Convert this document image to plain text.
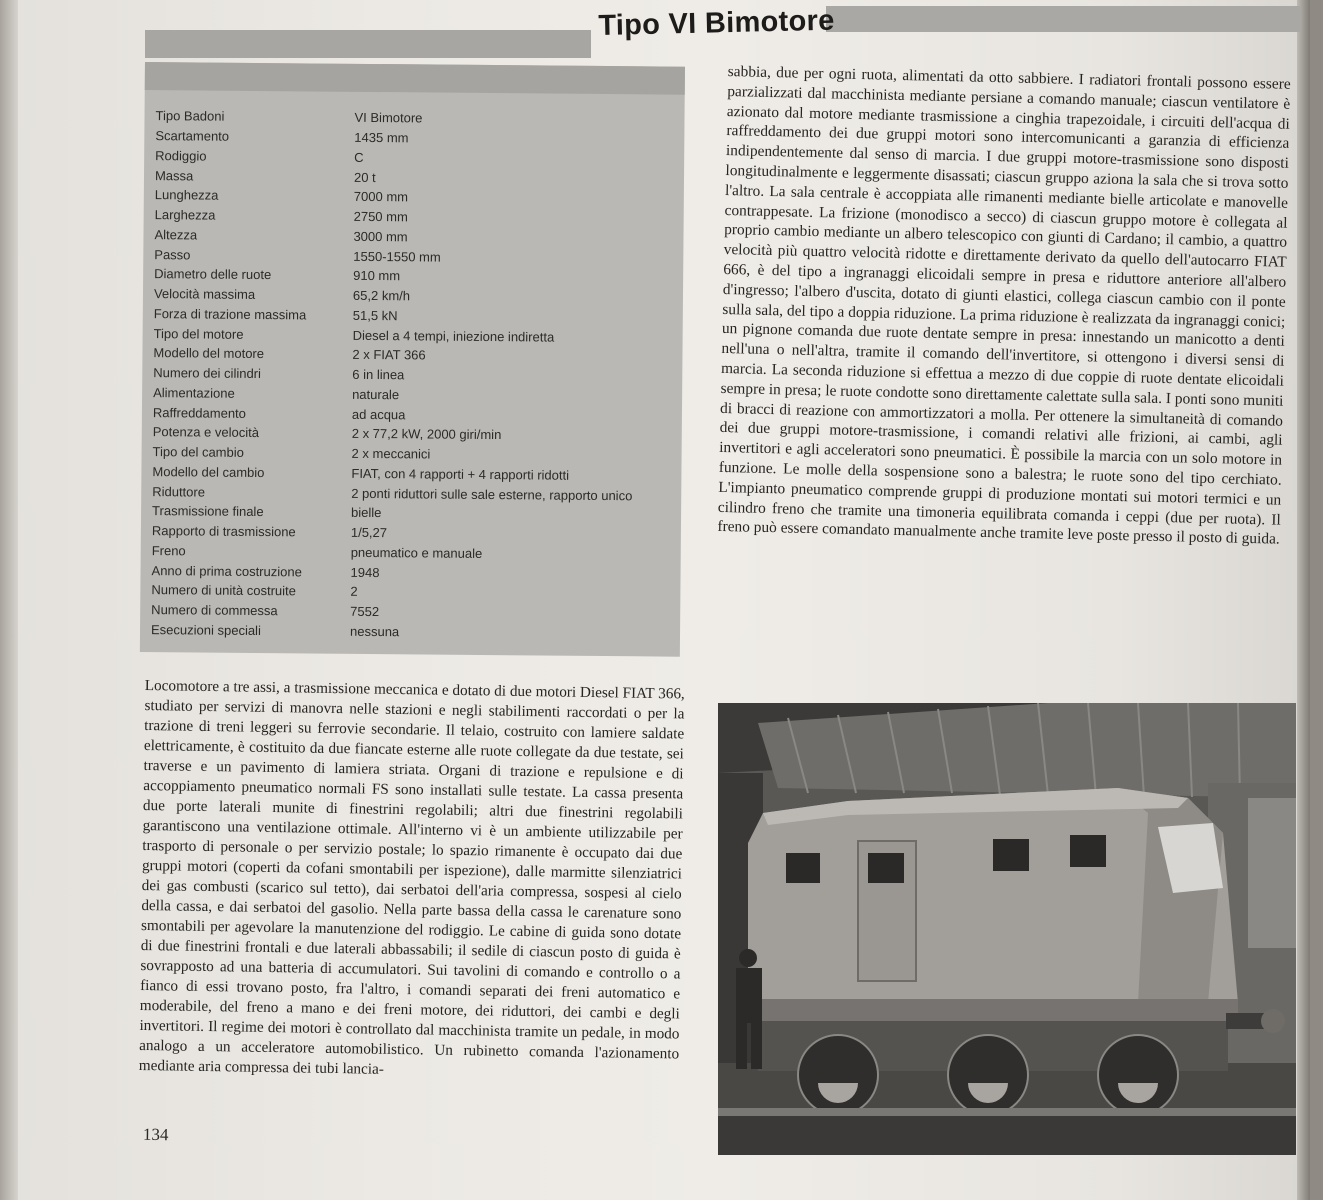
Tipo VI Bimotore
Tipo Badoni	VI Bimotore
Scartamento	1435 mm
Rodiggio	C
Massa	20 t
Lunghezza	7000 mm
Larghezza	2750 mm
Altezza	3000 mm
Passo	1550-1550 mm
Diametro delle ruote	910 mm
Velocità massima	65,2 km/h
Forza di trazione massima	51,5 kN
Tipo del motore	Diesel a 4 tempi, iniezione indiretta
Modello del motore	2 x FIAT 366
Numero dei cilindri	6 in linea
Alimentazione	naturale
Raffreddamento	ad acqua
Potenza e velocità	2 x 77,2 kW, 2000 giri/min
Tipo del cambio	2 x meccanici
Modello del cambio	FIAT, con 4 rapporti + 4 rapporti ridotti
Riduttore	2 ponti riduttori sulle sale esterne, rapporto unico
Trasmissione finale	bielle
Rapporto di trasmissione	1/5,27
Freno	pneumatico e manuale
Anno di prima costruzione	1948
Numero di unità costruite	2
Numero di commessa	7552
Esecuzioni speciali	nessuna

Locomotore a tre assi, a trasmissione meccanica e dotato di due motori Diesel FIAT 366, studiato per servizi di manovra nelle stazioni e negli stabilimenti raccordati o per la trazione di treni leggeri su ferrovie secondarie. Il telaio, costruito con lamiere saldate elettricamente, è costituito da due fiancate esterne alle ruote collegate da due testate, sei traverse e un pavimento di lamiera striata. Organi di trazione e repulsione e di accoppiamento pneumatico normali FS sono installati sulle testate. La cassa presenta due porte laterali munite di finestrini regolabili; altri due finestrini regolabili garantiscono una ventilazione ottimale. All'interno vi è un ambiente utilizzabile per trasporto di personale o per servizio postale; lo spazio rimanente è occupato dai due gruppi motori (coperti da cofani smontabili per ispezione), dalle marmitte silenziatrici dei gas combusti (scarico sul tetto), dai serbatoi dell'aria compressa, sospesi al cielo della cassa, e dai serbatoi del gasolio. Nella parte bassa della cassa le carenature sono smontabili per agevolare la manutenzione del rodiggio. Le cabine di guida sono dotate di due finestrini frontali e due laterali abbassabili; il sedile di ciascun posto di guida è sovrapposto ad una batteria di accumulatori. Sui tavolini di comando e controllo o a fianco di essi trovano posto, fra l'altro, i comandi separati dei freni automatico e moderabile, del freno a mano e dei freni motore, dei riduttori, dei cambi e degli invertitori. Il regime dei motori è controllato dal macchinista tramite un pedale, in modo analogo a un acceleratore automobilistico. Un rubinetto comanda l'azionamento mediante aria compressa dei tubi lancia-

sabbia, due per ogni ruota, alimentati da otto sabbiere. I radiatori frontali possono essere parzializzati dal macchinista mediante persiane a comando manuale; ciascun ventilatore è azionato dal motore mediante trasmissione a cinghia trapezoidale, i circuiti dell'acqua di raffreddamento dei due gruppi motori sono intercomunicanti a garanzia di efficienza indipendentemente dal senso di marcia. I due gruppi motore-trasmissione sono disposti longitudinalmente e leggermente disassati; ciascun gruppo aziona la sala che si trova sotto l'altro. La sala centrale è accoppiata alle rimanenti mediante bielle articolate e manovelle contrappesate. La frizione (monodisco a secco) di ciascun gruppo motore è collegata al proprio cambio mediante un albero telescopico con giunti di Cardano; il cambio, a quattro velocità più quattro velocità ridotte e direttamente derivato da quello dell'autocarro FIAT 666, è del tipo a ingranaggi elicoidali sempre in presa e riduttore anteriore all'albero d'ingresso; l'albero d'uscita, dotato di giunti elastici, collega ciascun cambio con il ponte sulla sala, del tipo a doppia riduzione. La prima riduzione è realizzata da ingranaggi conici; un pignone comanda due ruote dentate sempre in presa: innestando un manicotto a denti nell'una o nell'altra, tramite il comando dell'invertitore, si ottengono i diversi sensi di marcia. La seconda riduzione si effettua a mezzo di due coppie di ruote dentate elicoidali sempre in presa; le ruote condotte sono direttamente calettate sulla sala. I ponti sono muniti di bracci di reazione con ammortizzatori a molla. Per ottenere la simultaneità di comando dei due gruppi motore-trasmissione, i comandi relativi alle frizioni, ai cambi, agli invertitori e agli acceleratori sono pneumatici. È possibile la marcia con un solo motore in funzione. Le molle della sospensione sono a balestra; le ruote sono del tipo cerchiato. L'impianto pneumatico comprende gruppi di produzione montati sui motori termici e un cilindro freno che tramite una timoneria equilibrata comanda i ceppi (due per ruota). Il freno può essere comandato manualmente anche tramite leve poste presso il posto di guida.

134
